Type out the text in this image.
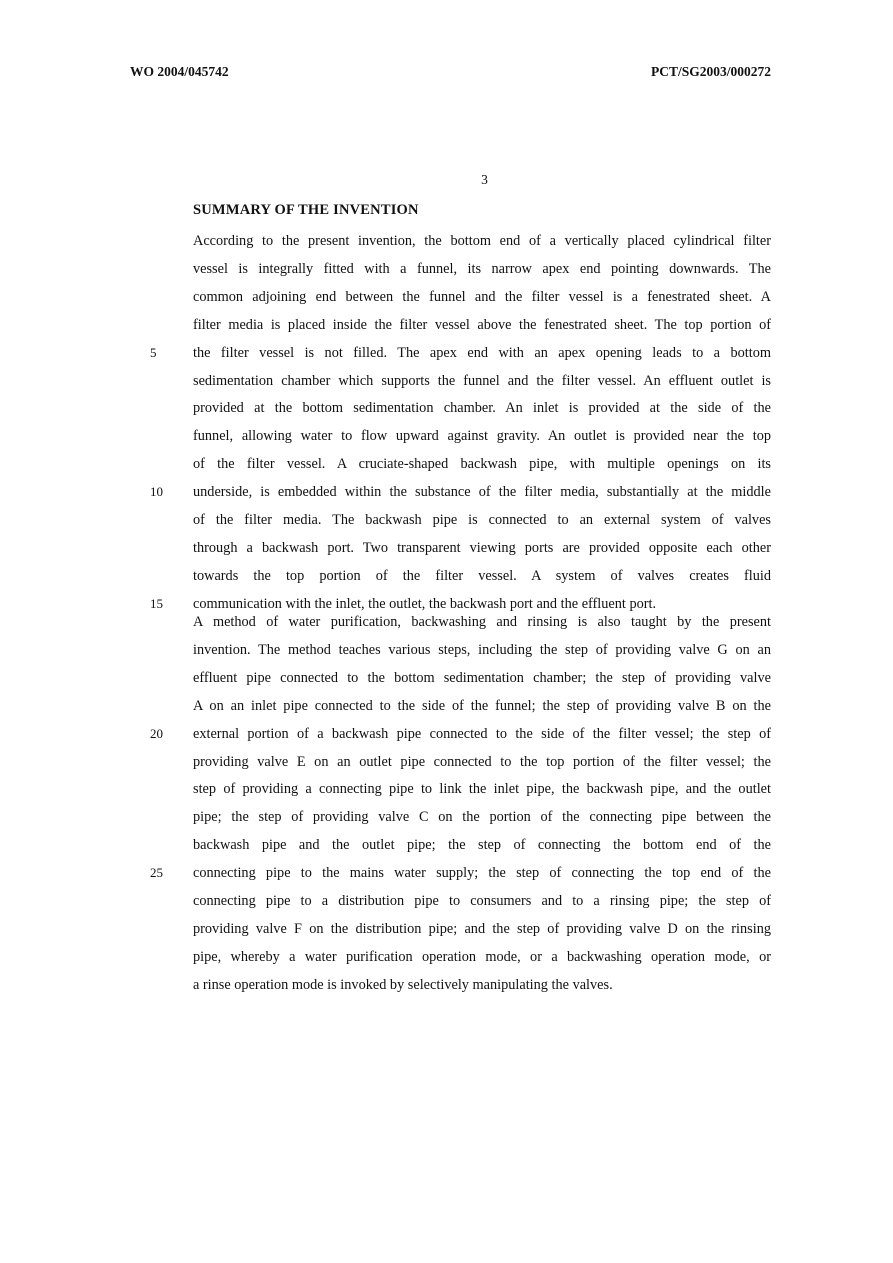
WO 2004/045742	PCT/SG2003/000272
3
SUMMARY OF THE INVENTION
According to the present invention, the bottom end of a vertically placed cylindrical filter
vessel is integrally fitted with a funnel, its narrow apex end pointing downwards. The
common adjoining end between the funnel and the filter vessel is a fenestrated sheet. A
filter media is placed inside the filter vessel above the fenestrated sheet. The top portion of
the filter vessel is not filled. The apex end with an apex opening leads to a bottom
sedimentation chamber which supports the funnel and the filter vessel. An effluent outlet is
provided at the bottom sedimentation chamber. An inlet is provided at the side of the
funnel, allowing water to flow upward against gravity. An outlet is provided near the top
of the filter vessel. A cruciate-shaped backwash pipe, with multiple openings on its
underside, is embedded within the substance of the filter media, substantially at the middle
of the filter media. The backwash pipe is connected to an external system of valves
through a backwash port. Two transparent viewing ports are provided opposite each other
towards the top portion of the filter vessel. A system of valves creates fluid
communication with the inlet, the outlet, the backwash port and the effluent port.
A method of water purification, backwashing and rinsing is also taught by the present
invention. The method teaches various steps, including the step of providing valve G on an
effluent pipe connected to the bottom sedimentation chamber; the step of providing valve
A on an inlet pipe connected to the side of the funnel; the step of providing valve B on the
external portion of a backwash pipe connected to the side of the filter vessel; the step of
providing valve E on an outlet pipe connected to the top portion of the filter vessel; the
step of providing a connecting pipe to link the inlet pipe, the backwash pipe, and the outlet
pipe; the step of providing valve C on the portion of the connecting pipe between the
backwash pipe and the outlet pipe; the step of connecting the bottom end of the
connecting pipe to the mains water supply; the step of connecting the top end of the
connecting pipe to a distribution pipe to consumers and to a rinsing pipe; the step of
providing valve F on the distribution pipe; and the step of providing valve D on the rinsing
pipe, whereby a water purification operation mode, or a backwashing operation mode, or
a rinse operation mode is invoked by selectively manipulating the valves.
5
10
15
20
25
